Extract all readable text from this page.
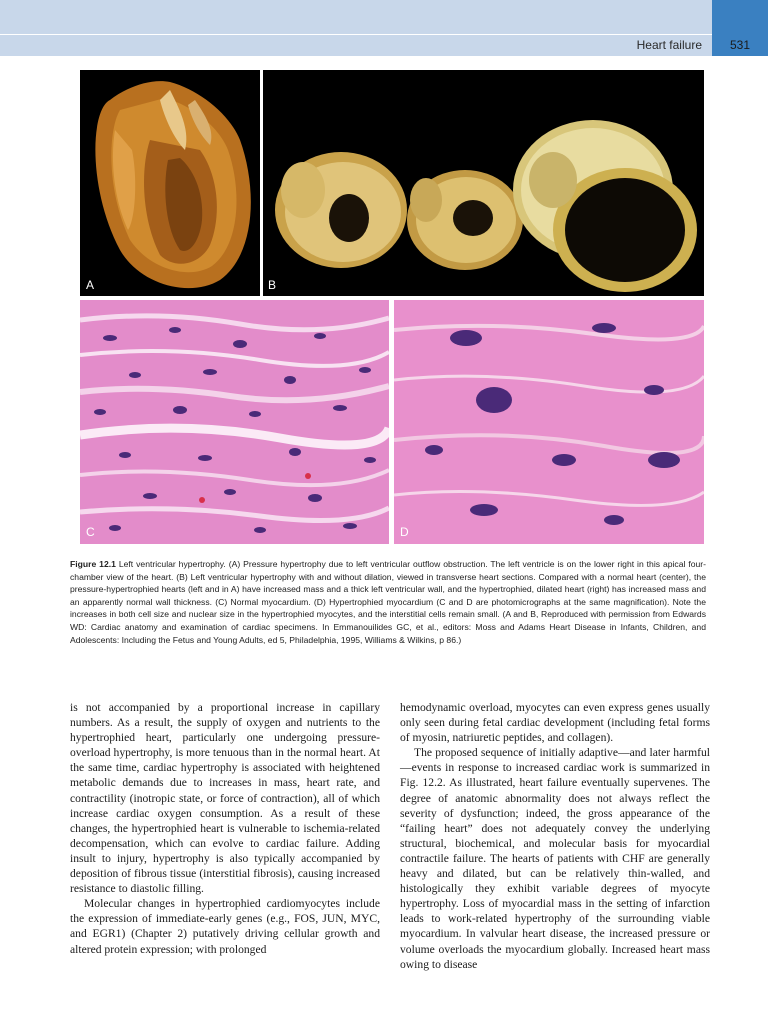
Heart failure	531
A	B
C	D
Figure 12.1 Left ventricular hypertrophy. (A) Pressure hypertrophy due to left ventricular outflow obstruction. The left ventricle is on the lower right in this apical four-chamber view of the heart. (B) Left ventricular hypertrophy with and without dilation, viewed in transverse heart sections. Compared with a normal heart (center), the pressure-hypertrophied hearts (left and in A) have increased mass and a thick left ventricular wall, and the hypertrophied, dilated heart (right) has increased mass and an apparently normal wall thickness. (C) Normal myocardium. (D) Hypertrophied myocardium (C and D are photomicrographs at the same magnification). Note the increases in both cell size and nuclear size in the hypertrophied myocytes, and the interstitial cells remain small. (A and B, Reproduced with permission from Edwards WD: Cardiac anatomy and examination of cardiac specimens. In Emmanouilides GC, et al., editors: Moss and Adams Heart Disease in Infants, Children, and Adolescents: Including the Fetus and Young Adults, ed 5, Philadelphia, 1995, Williams & Wilkins, p 86.)

is not accompanied by a proportional increase in capillary numbers. As a result, the supply of oxygen and nutrients to the hypertrophied heart, particularly one undergoing pressure-overload hypertrophy, is more tenuous than in the normal heart. At the same time, cardiac hypertrophy is associated with heightened metabolic demands due to increases in mass, heart rate, and contractility (inotropic state, or force of contraction), all of which increase cardiac oxygen consumption. As a result of these changes, the hypertrophied heart is vulnerable to ischemia-related decompensation, which can evolve to cardiac failure. Adding insult to injury, hypertrophy is also typically accompanied by deposition of fibrous tissue (interstitial fibrosis), causing increased resistance to diastolic filling.

Molecular changes in hypertrophied cardiomyocytes include the expression of immediate-early genes (e.g., FOS, JUN, MYC, and EGR1) (Chapter 2) putatively driving cellular growth and altered protein expression; with prolonged

hemodynamic overload, myocytes can even express genes usually only seen during fetal cardiac development (including fetal forms of myosin, natriuretic peptides, and collagen).

The proposed sequence of initially adaptive—and later harmful—events in response to increased cardiac work is summarized in Fig. 12.2. As illustrated, heart failure eventually supervenes. The degree of anatomic abnormality does not always reflect the severity of dysfunction; indeed, the gross appearance of the “failing heart” does not adequately convey the underlying structural, biochemical, and molecular basis for myocardial contractile failure. The hearts of patients with CHF are generally heavy and dilated, but can be relatively thin-walled, and histologically they exhibit variable degrees of myocyte hypertrophy. Loss of myocardial mass in the setting of infarction leads to work-related hypertrophy of the surrounding viable myocardium. In valvular heart disease, the increased pressure or volume overloads the myocardium globally. Increased heart mass owing to disease
